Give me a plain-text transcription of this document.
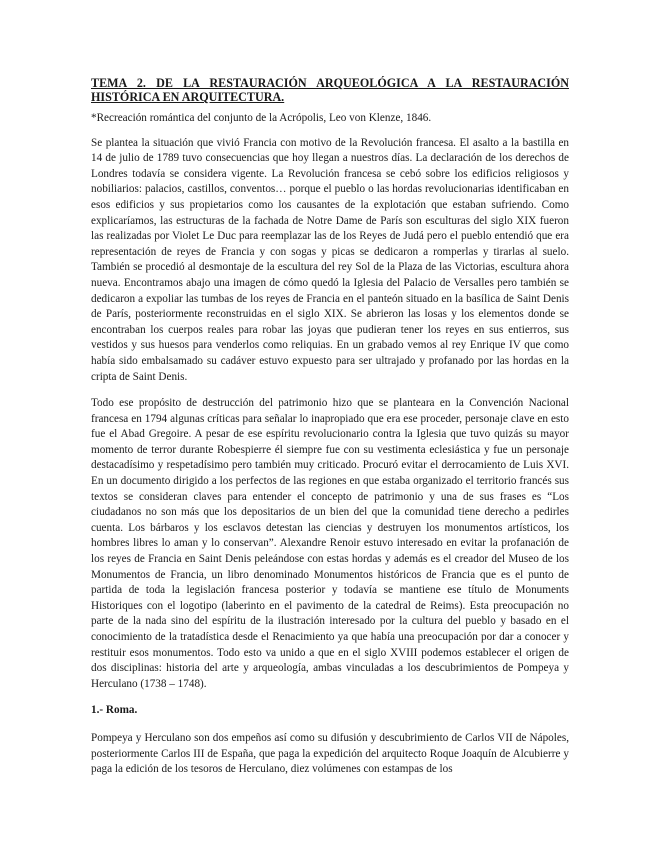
TEMA 2. DE LA RESTAURACIÓN ARQUEOLÓGICA A LA RESTAURACIÓN
HISTÓRICA EN ARQUITECTURA.

*Recreación romántica del conjunto de la Acrópolis, Leo von Klenze, 1846.

Se plantea la situación que vivió Francia con motivo de la Revolución francesa. El asalto a la bastilla en 14 de julio de 1789 tuvo consecuencias que hoy llegan a nuestros días. La declaración de los derechos de Londres todavía se considera vigente. La Revolución francesa se cebó sobre los edificios religiosos y nobiliarios: palacios, castillos, conventos… porque el pueblo o las hordas revolucionarias identificaban en esos edificios y sus propietarios como los causantes de la explotación que estaban sufriendo. Como explicaríamos, las estructuras de la fachada de Notre Dame de París son esculturas del siglo XIX fueron las realizadas por Violet Le Duc para reemplazar las de los Reyes de Judá pero el pueblo entendió que era representación de reyes de Francia y con sogas y picas se dedicaron a romperlas y tirarlas al suelo. También se procedió al desmontaje de la escultura del rey Sol de la Plaza de las Victorias, escultura ahora nueva. Encontramos abajo una imagen de cómo quedó la Iglesia del Palacio de Versalles pero también se dedicaron a expoliar las tumbas de los reyes de Francia en el panteón situado en la basílica de Saint Denis de París, posteriormente reconstruidas en el siglo XIX. Se abrieron las losas y los elementos donde se encontraban los cuerpos reales para robar las joyas que pudieran tener los reyes en sus entierros, sus vestidos y sus huesos para venderlos como reliquias. En un grabado vemos al rey Enrique IV que como había sido embalsamado su cadáver estuvo expuesto para ser ultrajado y profanado por las hordas en la cripta de Saint Denis.

Todo ese propósito de destrucción del patrimonio hizo que se planteara en la Convención Nacional francesa en 1794 algunas críticas para señalar lo inapropiado que era ese proceder, personaje clave en esto fue el Abad Gregoire. A pesar de ese espíritu revolucionario contra la Iglesia que tuvo quizás su mayor momento de terror durante Robespierre él siempre fue con su vestimenta eclesiástica y fue un personaje destacadísimo y respetadísimo pero también muy criticado. Procuró evitar el derrocamiento de Luis XVI. En un documento dirigido a los perfectos de las regiones en que estaba organizado el territorio francés sus textos se consideran claves para entender el concepto de patrimonio y una de sus frases es “Los ciudadanos no son más que los depositarios de un bien del que la comunidad tiene derecho a pedirles cuenta. Los bárbaros y los esclavos detestan las ciencias y destruyen los monumentos artísticos, los hombres libres lo aman y lo conservan”. Alexandre Renoir estuvo interesado en evitar la profanación de los reyes de Francia en Saint Denis peleándose con estas hordas y además es el creador del Museo de los Monumentos de Francia, un libro denominado Monumentos históricos de Francia que es el punto de partida de toda la legislación francesa posterior y todavía se mantiene ese título de Monuments Historiques con el logotipo (laberinto en el pavimento de la catedral de Reims). Esta preocupación no parte de la nada sino del espíritu de la ilustración interesado por la cultura del pueblo y basado en el conocimiento de la tratadística desde el Renacimiento ya que había una preocupación por dar a conocer y restituir esos monumentos. Todo esto va unido a que en el siglo XVIII podemos establecer el origen de dos disciplinas: historia del arte y arqueología, ambas vinculadas a los descubrimientos de Pompeya y Herculano (1738 – 1748).

1.- Roma.

Pompeya y Herculano son dos empeños así como su difusión y descubrimiento de Carlos VII de Nápoles, posteriormente Carlos III de España, que paga la expedición del arquitecto Roque Joaquín de Alcubierre y paga la edición de los tesoros de Herculano, diez volúmenes con estampas de los
